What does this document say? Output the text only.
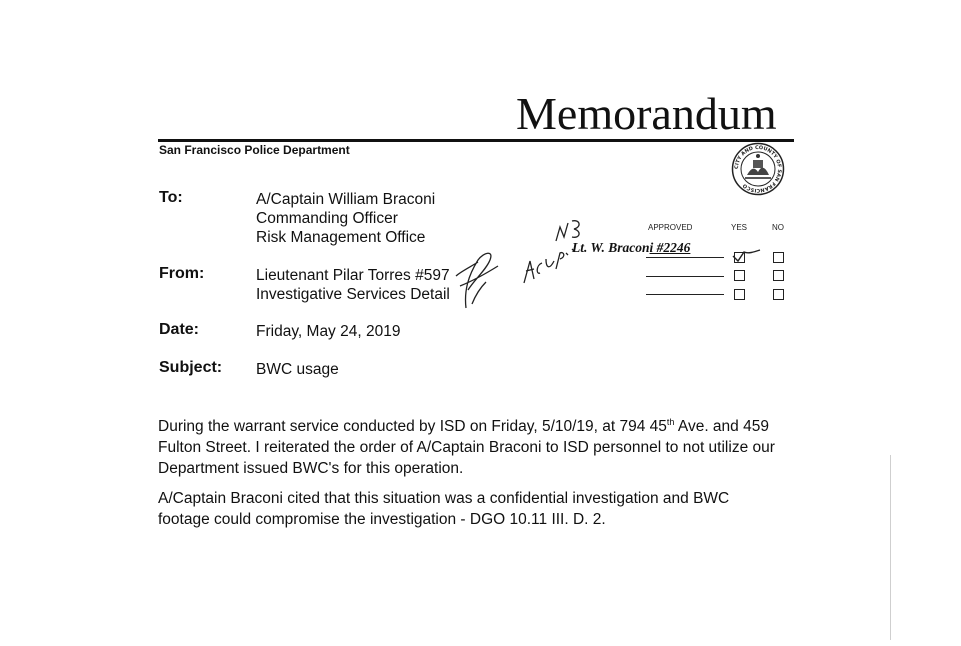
Memorandum
San Francisco Police Department
CITY AND COUNTY OF SAN FRANCISCO
To:	A/Captain William Braconi
Commanding Officer
Risk Management Office
From:	Lieutenant Pilar Torres #597
Investigative Services Detail
APPROVED	YES	NO
Lt. W. Braconi #2246
Date:	Friday, May 24, 2019
Subject: BWC usage
During the warrant service conducted by ISD on Friday, 5/10/19, at 794 45th Ave. and 459 Fulton Street. I reiterated the order of A/Captain Braconi to ISD personnel to not utilize our Department issued BWC's for this operation.
A/Captain Braconi cited that this situation was a confidential investigation and BWC footage could compromise the investigation - DGO 10.11 III. D. 2.
